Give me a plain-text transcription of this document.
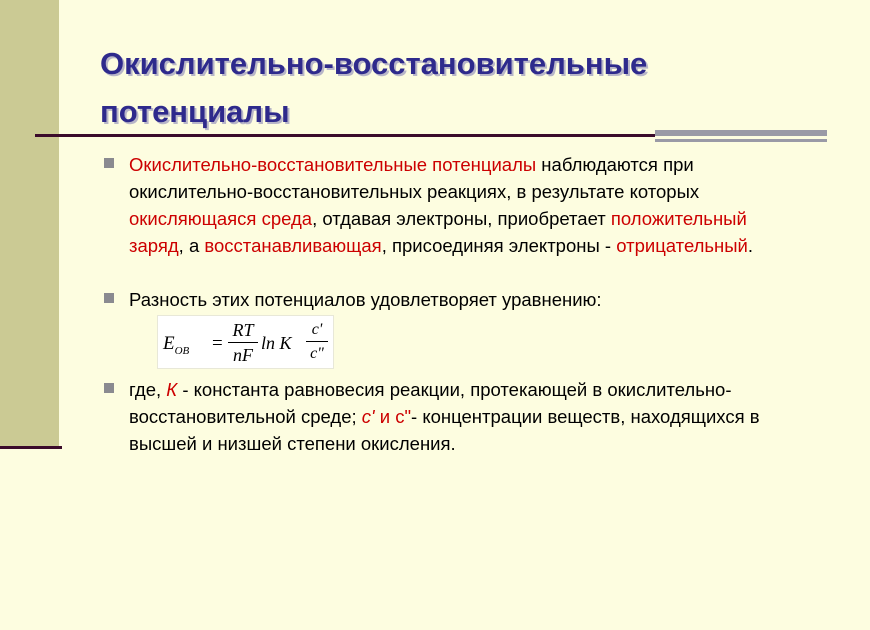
Окислительно-восстановительные
потенциалы
Окислительно-восстановительные потенциалы наблюдаются при окислительно-восстановительных реакциях, в результате которых окисляющаяся среда, отдавая электроны, приобретает положительный заряд, а восстанавливающая, присоединяя электроны - отрицательный.
Разность этих потенциалов удовлетворяет уравнению:
$E_{OB}$ =
RT
nF
ln K
c'
c"
где, К - константа равновесия реакции, протекающей в окислительно-восстановительной среде; с' и с"- концентрации веществ, находящихся в высшей и низшей степени окисления.
